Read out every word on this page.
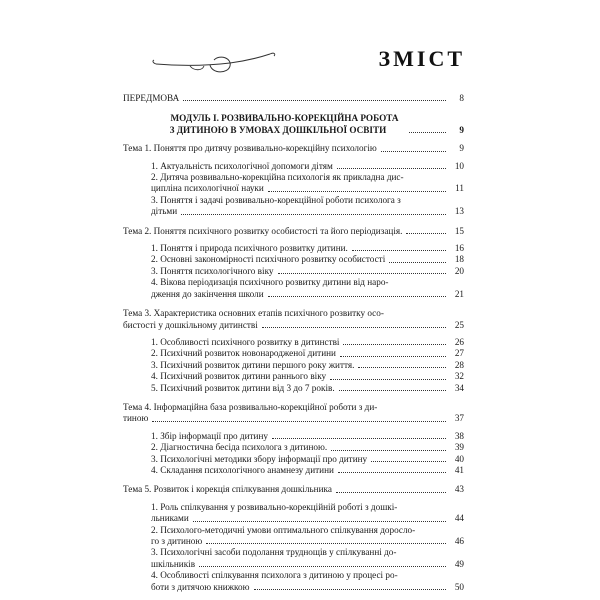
ЗМІСТ
ПЕРЕДМОВА	8
МОДУЛЬ І. РОЗВИВАЛЬНО-КОРЕКЦІЙНА РОБОТА
З ДИТИНОЮ В УМОВАХ ДОШКІЛЬНОЇ ОСВІТИ	9
Тема 1. Поняття про дитячу розвивально-корекційну психологію	9
1. Актуальність психологічної допомоги дітям	10
2. Дитяча розвивально-корекційна психологія як прикладна дис-
ципліна психологічної науки	11
3. Поняття і задачі розвивально-корекційної роботи психолога з
дітьми	13
Тема 2. Поняття психічного розвитку особистості та його періодизація.	15
1. Поняття і природа психічного розвитку дитини.	16
2. Основні закономірності психічного розвитку особистості	18
3. Поняття психологічного віку	20
4. Вікова періодизація психічного розвитку дитини від наро-
дження до закінчення школи	21
Тема 3. Характеристика основних етапів психічного розвитку осо-
бистості у дошкільному дитинстві	25
1. Особливості психічного розвитку в дитинстві	26
2. Психічний розвиток новонародженої дитини	27
3. Психічний розвиток дитини першого року життя.	28
4. Психічний розвиток дитини раннього віку	32
5. Психічний розвиток дитини від 3 до 7 років.	34
Тема 4. Інформаційна база розвивально-корекційної роботи з ди-
тиною	37
1. Збір інформації про дитину	38
2. Діагностична бесіда психолога з дитиною.	39
3. Психологічні методики збору інформації про дитину	40
4. Складання психологічного анамнезу дитини	41
Тема 5. Розвиток і корекція спілкування дошкільника	43
1. Роль спілкування у розвивально-корекційній роботі з дошкі-
льниками	44
2. Психолого-методичні умови оптимального спілкування доросло-
го з дитиною	46
3. Психологічні засоби подолання труднощів у спілкуванні до-
шкільників	49
4. Особливості спілкування психолога з дитиною у процесі ро-
боти з дитячою книжкою	50
